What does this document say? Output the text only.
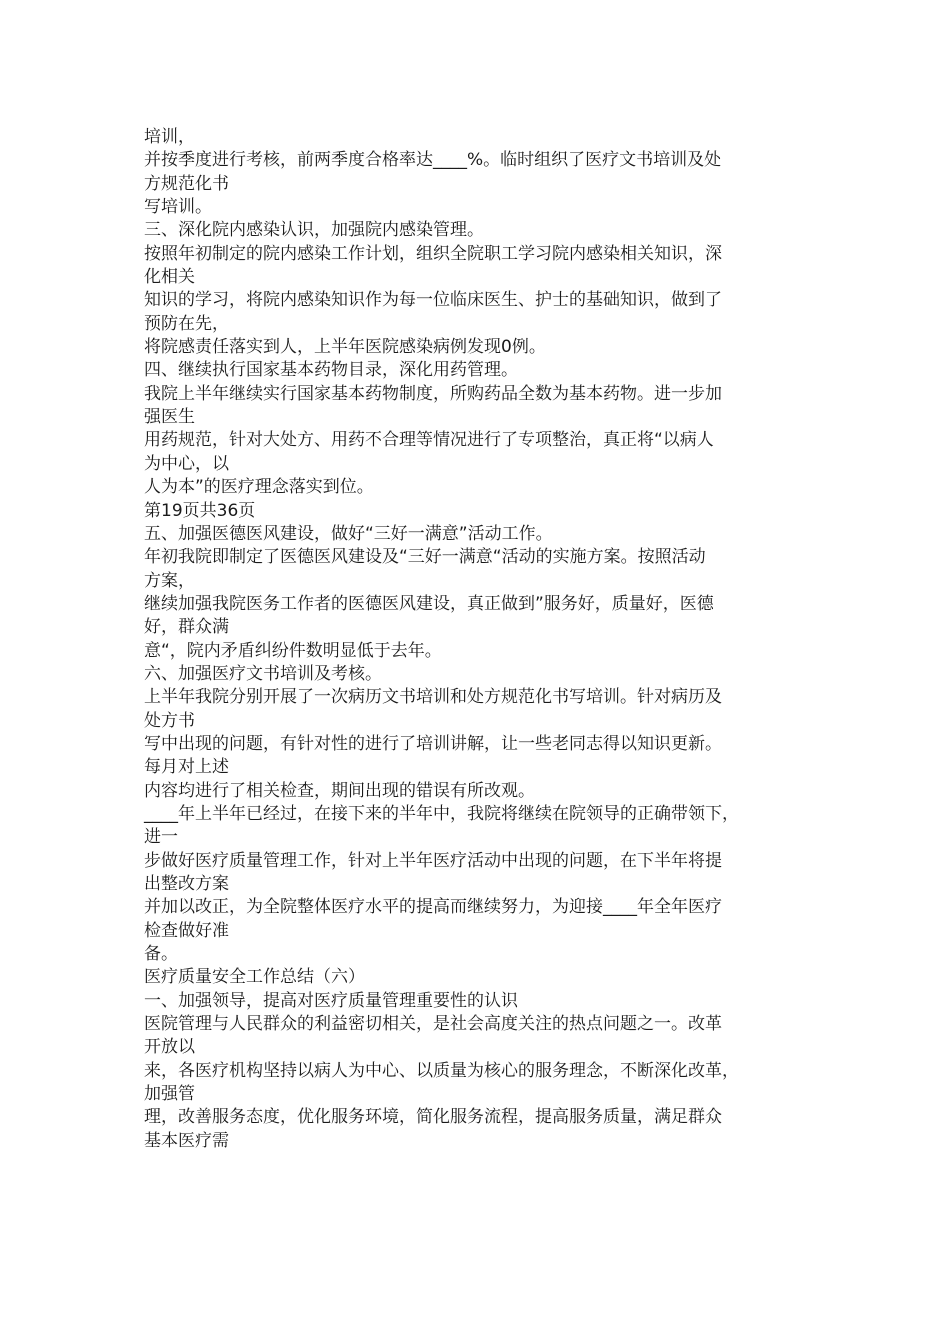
培训，
并按季度进行考核，前两季度合格率达____%。临时组织了医疗文书培训及处
方规范化书
写培训。
三、深化院内感染认识，加强院内感染管理。
按照年初制定的院内感染工作计划，组织全院职工学习院内感染相关知识，深
化相关
知识的学习，将院内感染知识作为每一位临床医生、护士的基础知识，做到了
预防在先，
将院感责任落实到人，上半年医院感染病例发现0例。
四、继续执行国家基本药物目录，深化用药管理。
我院上半年继续实行国家基本药物制度，所购药品全数为基本药物。进一步加
强医生
用药规范，针对大处方、用药不合理等情况进行了专项整治，真正将“以病人
为中心，以
人为本”的医疗理念落实到位。
第19页共36页
五、加强医德医风建设，做好“三好一满意”活动工作。
年初我院即制定了医德医风建设及“三好一满意“活动的实施方案。按照活动
方案，
继续加强我院医务工作者的医德医风建设，真正做到”服务好，质量好，医德
好，群众满
意“，院内矛盾纠纷件数明显低于去年。
六、加强医疗文书培训及考核。
上半年我院分别开展了一次病历文书培训和处方规范化书写培训。针对病历及
处方书
写中出现的问题，有针对性的进行了培训讲解，让一些老同志得以知识更新。
每月对上述
内容均进行了相关检查，期间出现的错误有所改观。
____年上半年已经过，在接下来的半年中，我院将继续在院领导的正确带领下，
进一
步做好医疗质量管理工作，针对上半年医疗活动中出现的问题，在下半年将提
出整改方案
并加以改正，为全院整体医疗水平的提高而继续努力，为迎接____年全年医疗
检查做好准
备。
医疗质量安全工作总结（六）
一、加强领导，提高对医疗质量管理重要性的认识
医院管理与人民群众的利益密切相关，是社会高度关注的热点问题之一。改革
开放以
来，各医疗机构坚持以病人为中心、以质量为核心的服务理念，不断深化改革，
加强管
理，改善服务态度，优化服务环境，简化服务流程，提高服务质量，满足群众
基本医疗需
